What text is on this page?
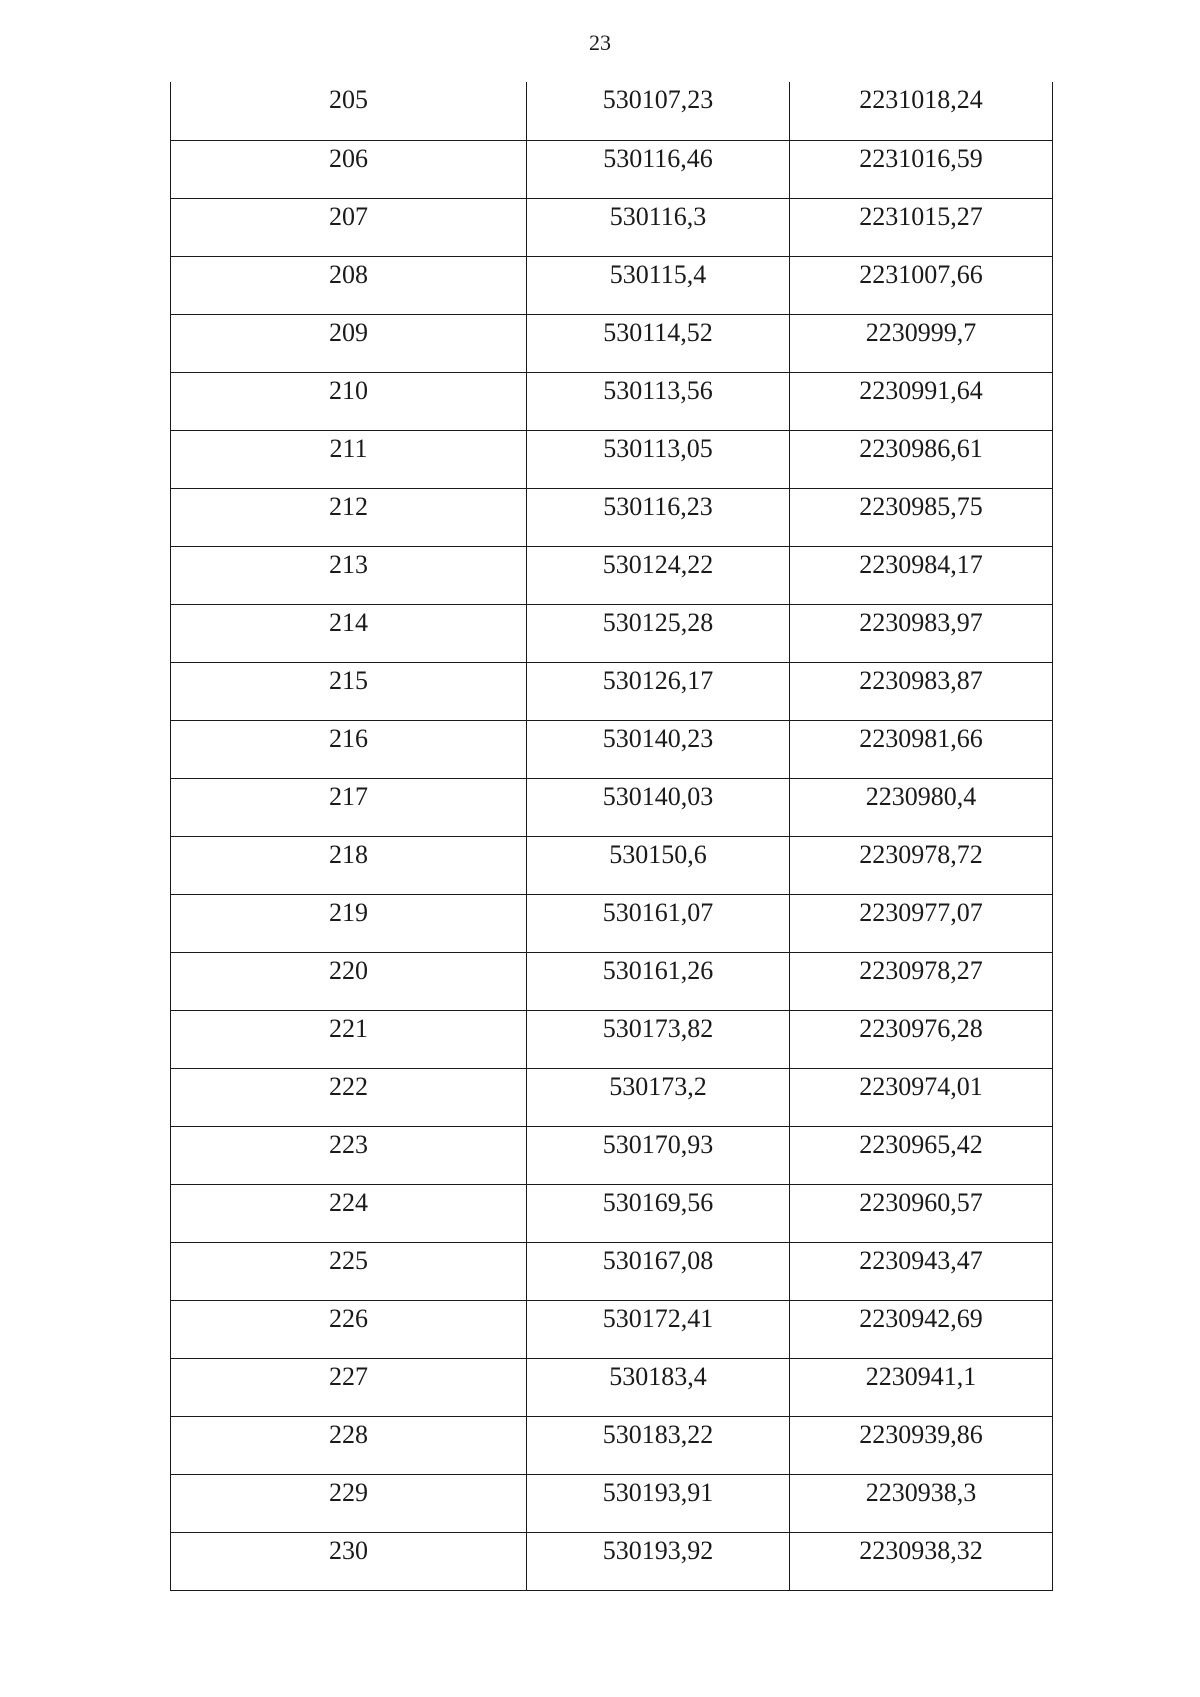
23
205	530107,23	2231018,24

206	530116,46	2231016,59

207	530116,3	2231015,27

208	530115,4	2231007,66

209	530114,52	2230999,7

210	530113,56	2230991,64

211	530113,05	2230986,61

212	530116,23	2230985,75

213	530124,22	2230984,17

214	530125,28	2230983,97

215	530126,17	2230983,87

216	530140,23	2230981,66

217	530140,03	2230980,4

218	530150,6	2230978,72

219	530161,07	2230977,07

220	530161,26	2230978,27

221	530173,82	2230976,28

222	530173,2	2230974,01

223	530170,93	2230965,42

224	530169,56	2230960,57

225	530167,08	2230943,47

226	530172,41	2230942,69

227	530183,4	2230941,1

228	530183,22	2230939,86

229	530193,91	2230938,3

230	530193,92	2230938,32
